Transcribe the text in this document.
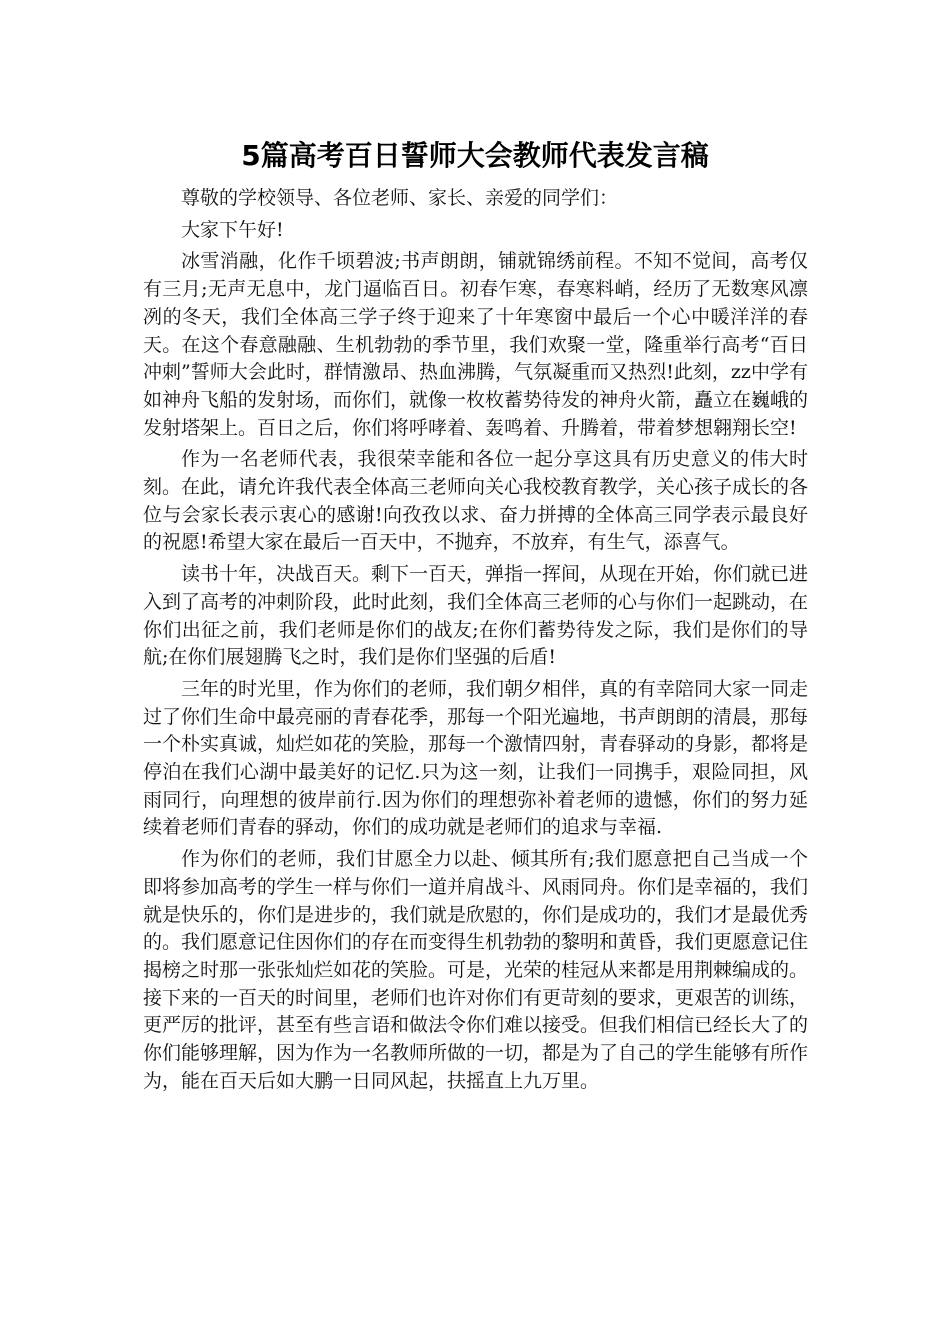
5篇高考百日誓师大会教师代表发言稿

尊敬的学校领导、各位老师、家长、亲爱的同学们：

大家下午好!

冰雪消融，化作千顷碧波;书声朗朗，铺就锦绣前程。不知不觉间，高考仅有三月;无声无息中，龙门逼临百日。初春乍寒，春寒料峭，经历了无数寒风凛冽的冬天，我们全体高三学子终于迎来了十年寒窗中最后一个心中暖洋洋的春天。在这个春意融融、生机勃勃的季节里，我们欢聚一堂，隆重举行高考“百日冲刺”誓师大会此时，群情激昂、热血沸腾，气氛凝重而又热烈!此刻，zz中学有如神舟飞船的发射场，而你们，就像一枚枚蓄势待发的神舟火箭，矗立在巍峨的发射塔架上。百日之后，你们将呼哮着、轰鸣着、升腾着，带着梦想翱翔长空!

作为一名老师代表，我很荣幸能和各位一起分享这具有历史意义的伟大时刻。在此，请允许我代表全体高三老师向关心我校教育教学，关心孩子成长的各位与会家长表示衷心的感谢!向孜孜以求、奋力拼搏的全体高三同学表示最良好的祝愿!希望大家在最后一百天中，不抛弃，不放弃，有生气，添喜气。

读书十年，决战百天。剩下一百天，弹指一挥间，从现在开始，你们就已进入到了高考的冲刺阶段，此时此刻，我们全体高三老师的心与你们一起跳动，在你们出征之前，我们老师是你们的战友;在你们蓄势待发之际，我们是你们的导航;在你们展翅腾飞之时，我们是你们坚强的后盾!

三年的时光里，作为你们的老师，我们朝夕相伴，真的有幸陪同大家一同走过了你们生命中最亮丽的青春花季，那每一个阳光遍地，书声朗朗的清晨，那每一个朴实真诚，灿烂如花的笑脸，那每一个激情四射，青春驿动的身影，都将是停泊在我们心湖中最美好的记忆.只为这一刻，让我们一同携手，艰险同担，风雨同行，向理想的彼岸前行.因为你们的理想弥补着老师的遗憾，你们的努力延续着老师们青春的驿动，你们的成功就是老师们的追求与幸福.

作为你们的老师，我们甘愿全力以赴、倾其所有;我们愿意把自己当成一个即将参加高考的学生一样与你们一道并肩战斗、风雨同舟。你们是幸福的，我们就是快乐的，你们是进步的，我们就是欣慰的，你们是成功的，我们才是最优秀的。我们愿意记住因你们的存在而变得生机勃勃的黎明和黄昏，我们更愿意记住揭榜之时那一张张灿烂如花的笑脸。可是，光荣的桂冠从来都是用荆棘编成的。接下来的一百天的时间里，老师们也许对你们有更苛刻的要求，更艰苦的训练，更严厉的批评，甚至有些言语和做法令你们难以接受。但我们相信已经长大了的你们能够理解，因为作为一名教师所做的一切，都是为了自己的学生能够有所作为，能在百天后如大鹏一日同风起，扶摇直上九万里。
